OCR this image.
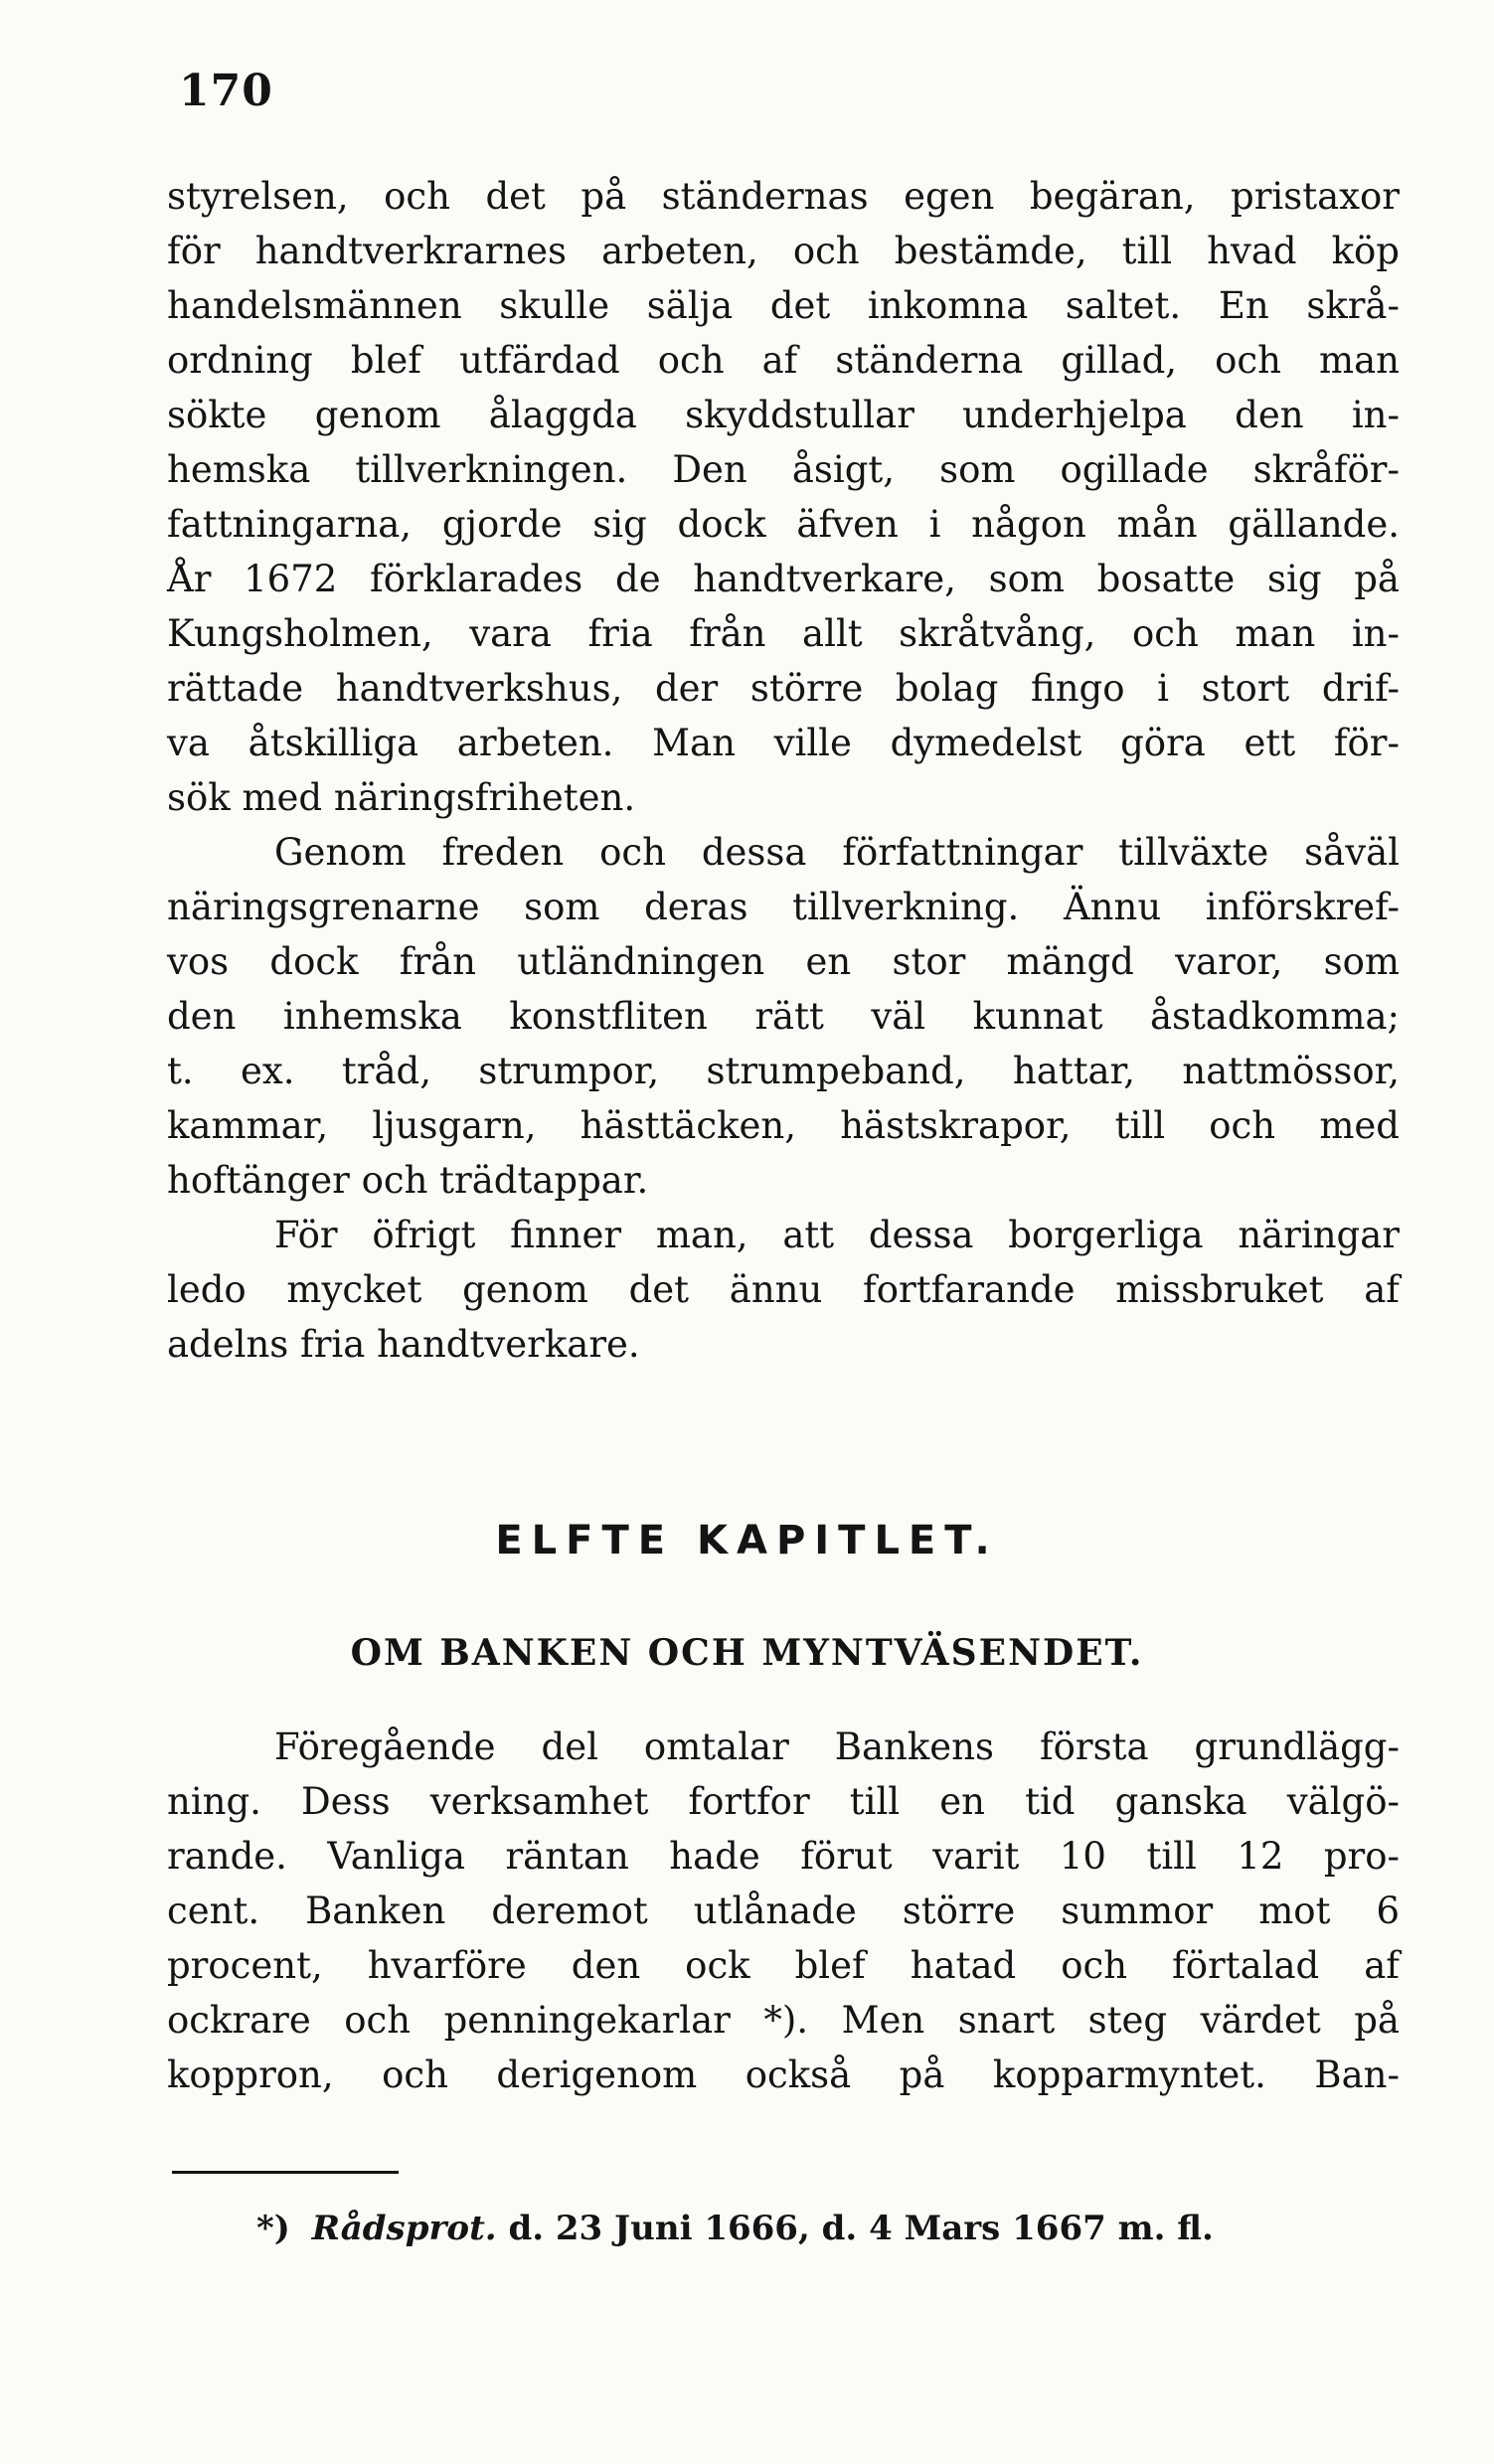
170
styrelsen, och det på ständernas egen begäran, pristaxor
för handtverkrarnes arbeten, och bestämde, till hvad köp
handelsmännen skulle sälja det inkomna saltet. En skrå-
ordning blef utfärdad och af ständerna gillad, och man
sökte genom ålaggda skyddstullar underhjelpa den in-
hemska tillverkningen. Den åsigt, som ogillade skråför-
fattningarna, gjorde sig dock äfven i någon mån gällande.
År 1672 förklarades de handtverkare, som bosatte sig på
Kungsholmen, vara fria från allt skråtvång, och man in-
rättade handtverkshus, der större bolag fingo i stort drif-
va åtskilliga arbeten. Man ville dymedelst göra ett för-
sök med näringsfriheten.
Genom freden och dessa författningar tillväxte såväl
näringsgrenarne som deras tillverkning. Ännu införskref-
vos dock från utländningen en stor mängd varor, som
den inhemska konstfliten rätt väl kunnat åstadkomma;
t. ex. tråd, strumpor, strumpeband, hattar, nattmössor,
kammar, ljusgarn, hästtäcken, hästskrapor, till och med
hoftänger och trädtappar.
För öfrigt finner man, att dessa borgerliga näringar
ledo mycket genom det ännu fortfarande missbruket af
adelns fria handtverkare.
ELFTE KAPITLET.
OM BANKEN OCH MYNTVÄSENDET.
Föregående del omtalar Bankens första grundlägg-
ning. Dess verksamhet fortfor till en tid ganska välgö-
rande. Vanliga räntan hade förut varit 10 till 12 pro-
cent. Banken deremot utlånade större summor mot 6
procent, hvarföre den ock blef hatad och förtalad af
ockrare och penningekarlar *). Men snart steg värdet på
koppron, och derigenom också på kopparmyntet. Ban-
*) Rådsprot. d. 23 Juni 1666, d. 4 Mars 1667 m. fl.
